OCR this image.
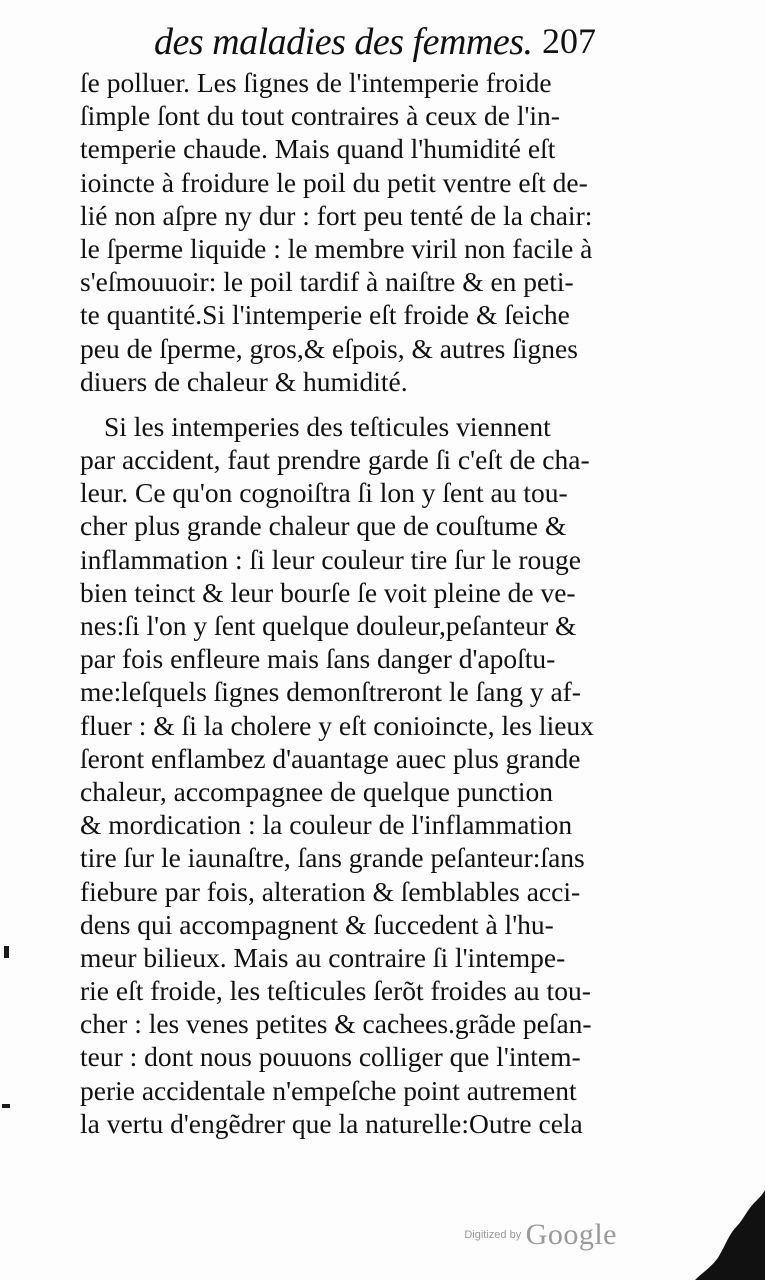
des maladies des femmes. 207
ſe polluer. Les ſignes de l'intemperie froide
ſimple ſont du tout contraires à ceux de l'in-
temperie chaude. Mais quand l'humidité eſt
ioincte à froidure le poil du petit ventre eſt de-
lié non aſpre ny dur : fort peu tenté de la chair:
le ſperme liquide : le membre viril non facile à
s'eſmouuoir: le poil tardif à naiſtre & en peti-
te quantité.Si l'intemperie eſt froide & ſeiche
peu de ſperme, gros,& eſpois, & autres ſignes
diuers de chaleur & humidité.
Si les intemperies des teſticules viennent
par accident, faut prendre garde ſi c'eſt de cha-
leur. Ce qu'on cognoiſtra ſi lon y ſent au tou-
cher plus grande chaleur que de couſtume &
inflammation : ſi leur couleur tire ſur le rouge
bien teinct & leur bourſe ſe voit pleine de ve-
nes:ſi l'on y ſent quelque douleur,peſanteur &
par fois enfleure mais ſans danger d'apoſtu-
me:leſquels ſignes demonſtreront le ſang y af-
fluer : & ſi la cholere y eſt conioincte, les lieux
ſeront enflambez d'auantage auec plus grande
chaleur, accompagnee de quelque punction
& mordication : la couleur de l'inflammation
tire ſur le iaunaſtre, ſans grande peſanteur:ſans
fiebure par fois, alteration & ſemblables acci-
dens qui accompagnent & ſuccedent à l'hu-
meur bilieux. Mais au contraire ſi l'intempe-
rie eſt froide, les teſticules ſerõt froides au tou-
cher : les venes petites & cachees.grãde peſan-
teur : dont nous pouuons colliger que l'intem-
perie accidentale n'empeſche point autrement
la vertu d'engẽdrer que la naturelle:Outre cela
Digitized by Google
